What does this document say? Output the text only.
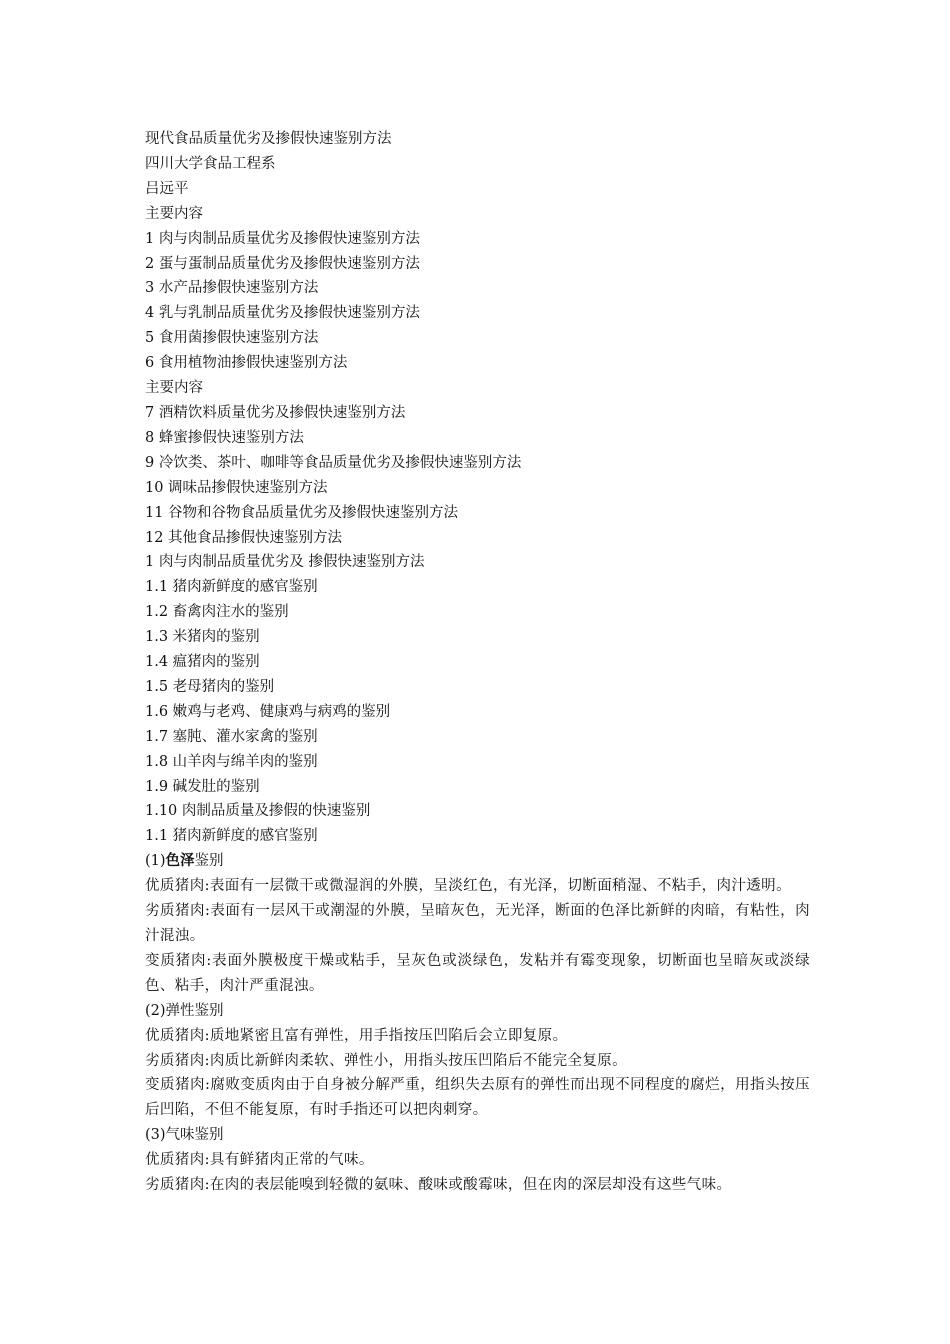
现代食品质量优劣及掺假快速鉴别方法
四川大学食品工程系
吕远平
主要内容
1 肉与肉制品质量优劣及掺假快速鉴别方法
2 蛋与蛋制品质量优劣及掺假快速鉴别方法
3 水产品掺假快速鉴别方法
4 乳与乳制品质量优劣及掺假快速鉴别方法
5 食用菌掺假快速鉴别方法
6 食用植物油掺假快速鉴别方法
主要内容
7 酒精饮料质量优劣及掺假快速鉴别方法
8 蜂蜜掺假快速鉴别方法
9 冷饮类、茶叶、咖啡等食品质量优劣及掺假快速鉴别方法
10 调味品掺假快速鉴别方法
11 谷物和谷物食品质量优劣及掺假快速鉴别方法
12 其他食品掺假快速鉴别方法
1 肉与肉制品质量优劣及 掺假快速鉴别方法
1.1 猪肉新鲜度的感官鉴别
1.2 畜禽肉注水的鉴别
1.3 米猪肉的鉴别
1.4 瘟猪肉的鉴别
1.5 老母猪肉的鉴别
1.6 嫩鸡与老鸡、健康鸡与病鸡的鉴别
1.7 塞肫、灌水家禽的鉴别
1.8 山羊肉与绵羊肉的鉴别
1.9 碱发肚的鉴别
1.10 肉制品质量及掺假的快速鉴别
1.1 猪肉新鲜度的感官鉴别
(1)色泽鉴别
优质猪肉:表面有一层微干或微湿润的外膜，呈淡红色，有光泽，切断面稍湿、不粘手，肉汁透明。
劣质猪肉:表面有一层风干或潮湿的外膜，呈暗灰色，无光泽，断面的色泽比新鲜的肉暗，有粘性，肉汁混浊。
变质猪肉:表面外膜极度干燥或粘手，呈灰色或淡绿色，发粘并有霉变现象，切断面也呈暗灰或淡绿色、粘手，肉汁严重混浊。
(2)弹性鉴别
优质猪肉:质地紧密且富有弹性，用手指按压凹陷后会立即复原。
劣质猪肉:肉质比新鲜肉柔软、弹性小，用指头按压凹陷后不能完全复原。
变质猪肉:腐败变质肉由于自身被分解严重，组织失去原有的弹性而出现不同程度的腐烂，用指头按压后凹陷，不但不能复原，有时手指还可以把肉刺穿。
(3)气味鉴别
优质猪肉:具有鲜猪肉正常的气味。
劣质猪肉:在肉的表层能嗅到轻微的氨味、酸味或酸霉味，但在肉的深层却没有这些气味。
